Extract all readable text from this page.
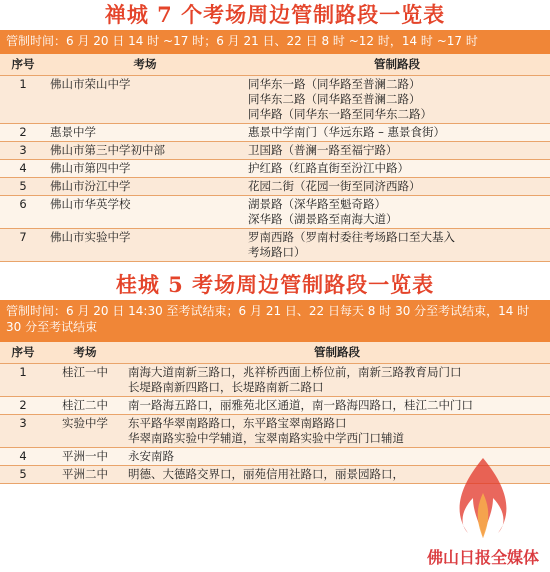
禅城 7 个考场周边管制路段一览表
管制时间：6 月 20 日 14 时 ~17 时；6 月 21 日、22 日 8 时 ~12 时，14 时 ~17 时
序号	考场	管制路段
1	佛山市荣山中学	同华东一路（同华路至普澜二路）
同华东二路（同华路至普澜二路）
同华路（同华东一路至同华东二路）

2	惠景中学	惠景中学南门（华远东路 – 惠景食街）

3	佛山市第三中学初中部	卫国路（普澜一路至福宁路）

4	佛山市第四中学	护红路（红路直街至汾江中路）

5	佛山市汾江中学	花园二街（花园一街至同济西路）

6	佛山市华英学校	湖景路（深华路至魁奇路）
深华路（湖景路至南海大道）

7	佛山市实验中学	罗南西路（罗南村委往考场路口至大基入
考场路口）
桂城 5 考场周边管制路段一览表
管制时间：6 月 20 日 14:30 至考试结束；6 月 21 日、22 日每天 8 时 30 分至考试结束，14 时 30 分至考试结束
序号	考场	管制路段
1	桂江一中	南海大道南新三路口，兆祥桥西面上桥位前，南新三路教育局门口
长堤路南新四路口，长堤路南新二路口

2	桂江二中	南一路海五路口，丽雅苑北区通道，南一路海四路口，桂江二中门口

3	实验中学	东平路华翠南路路口，东平路宝翠南路路口
华翠南路实验中学辅道，宝翠南路实验中学西门口辅道

4	平洲一中	永安南路

5	平洲二中	明德、大德路交界口，丽苑信用社路口，丽景园路口，
佛山日报全媒体
